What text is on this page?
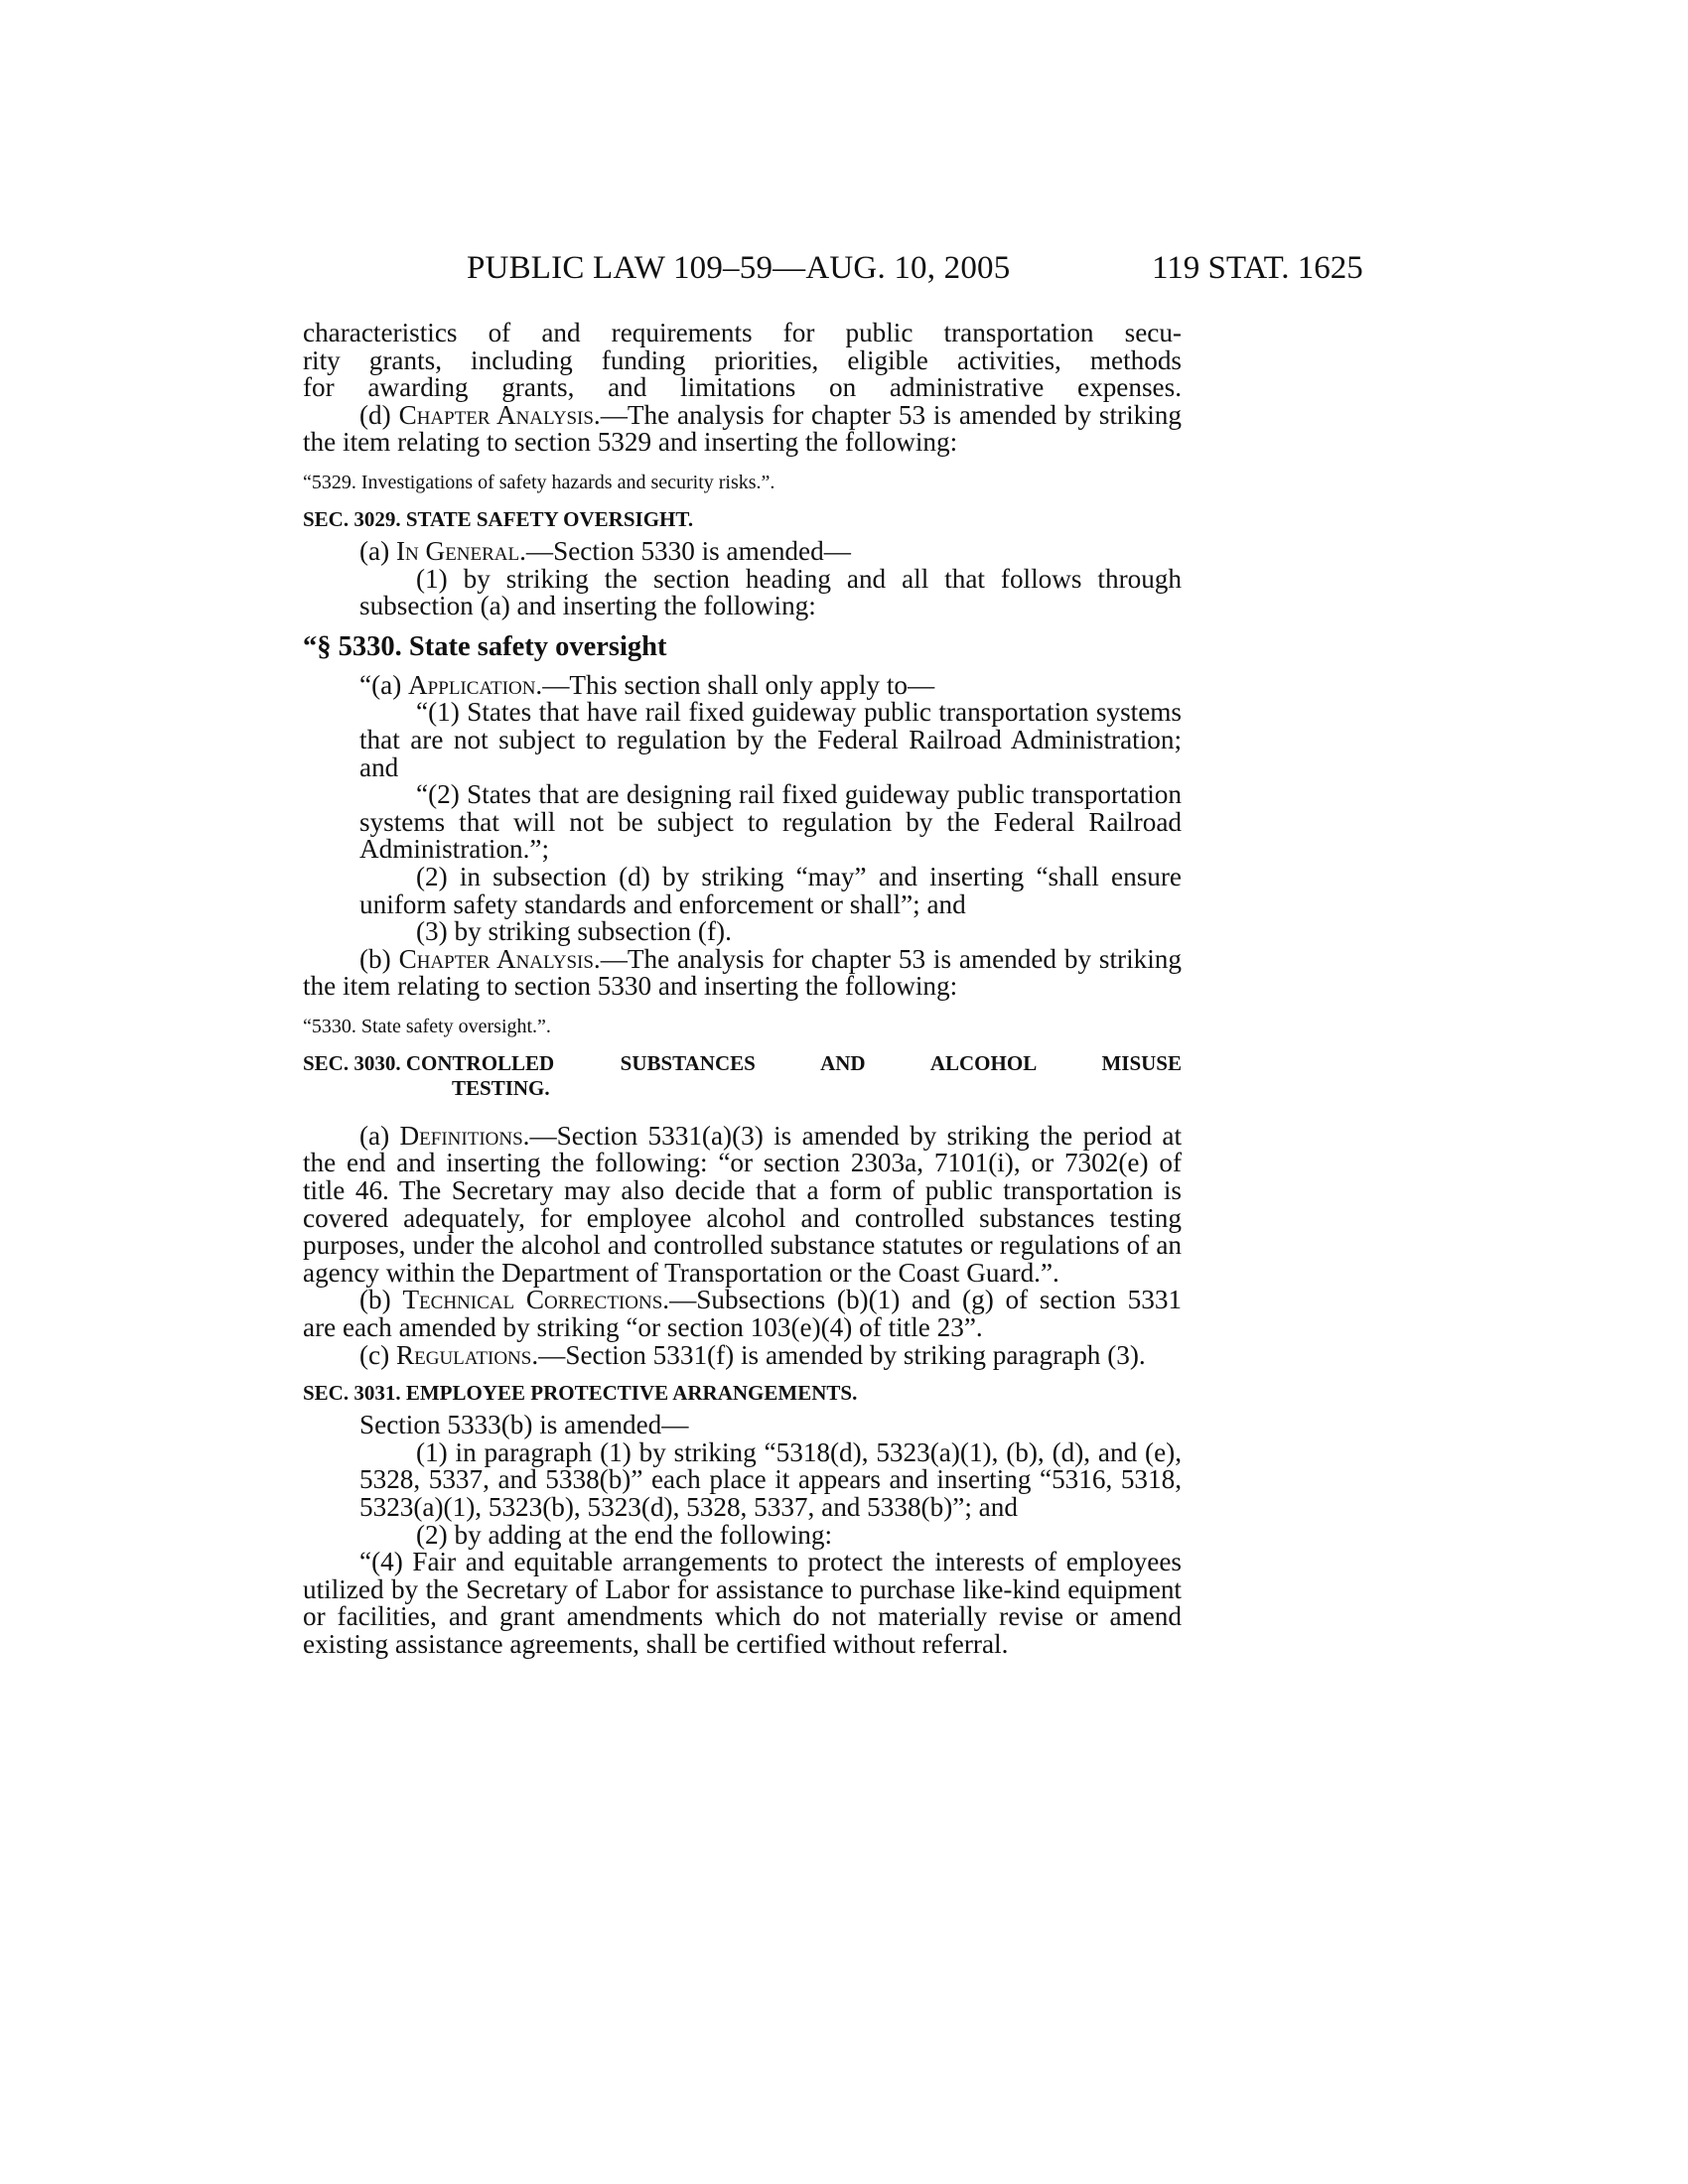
PUBLIC LAW 109–59—AUG. 10, 2005	119 STAT. 1625

characteristics of and requirements for public transportation secu-
rity grants, including funding priorities, eligible activities, methods
for awarding grants, and limitations on administrative expenses.

(d) Chapter Analysis.—The analysis for chapter 53 is amended by striking the item relating to section 5329 and inserting the following:

“5329. Investigations of safety hazards and security risks.”.

SEC. 3029. STATE SAFETY OVERSIGHT.

(a) In General.—Section 5330 is amended—

(1) by striking the section heading and all that follows through subsection (a) and inserting the following:

“§ 5330. State safety oversight

“(a) Application.—This section shall only apply to—

“(1) States that have rail fixed guideway public transportation systems that are not subject to regulation by the Federal Railroad Administration; and

“(2) States that are designing rail fixed guideway public transportation systems that will not be subject to regulation by the Federal Railroad Administration.”;

(2) in subsection (d) by striking “may” and inserting “shall ensure uniform safety standards and enforcement or shall”; and

(3) by striking subsection (f).

(b) Chapter Analysis.—The analysis for chapter 53 is amended by striking the item relating to section 5330 and inserting the following:

“5330. State safety oversight.”.

SEC. 3030. CONTROLLED SUBSTANCES AND ALCOHOL MISUSE
TESTING.

(a) Definitions.—Section 5331(a)(3) is amended by striking the period at the end and inserting the following: “or section 2303a, 7101(i), or 7302(e) of title 46. The Secretary may also decide that a form of public transportation is covered adequately, for employee alcohol and controlled substances testing purposes, under the alcohol and controlled substance statutes or regulations of an agency within the Department of Transportation or the Coast Guard.”.

(b) Technical Corrections.—Subsections (b)(1) and (g) of section 5331 are each amended by striking “or section 103(e)(4) of title 23”.

(c) Regulations.—Section 5331(f) is amended by striking paragraph (3).

SEC. 3031. EMPLOYEE PROTECTIVE ARRANGEMENTS.

Section 5333(b) is amended—

(1) in paragraph (1) by striking “5318(d), 5323(a)(1), (b), (d), and (e), 5328, 5337, and 5338(b)” each place it appears and inserting “5316, 5318, 5323(a)(1), 5323(b), 5323(d), 5328, 5337, and 5338(b)”; and

(2) by adding at the end the following:

“(4) Fair and equitable arrangements to protect the interests of employees utilized by the Secretary of Labor for assistance to purchase like-kind equipment or facilities, and grant amendments which do not materially revise or amend existing assistance agreements, shall be certified without referral.
